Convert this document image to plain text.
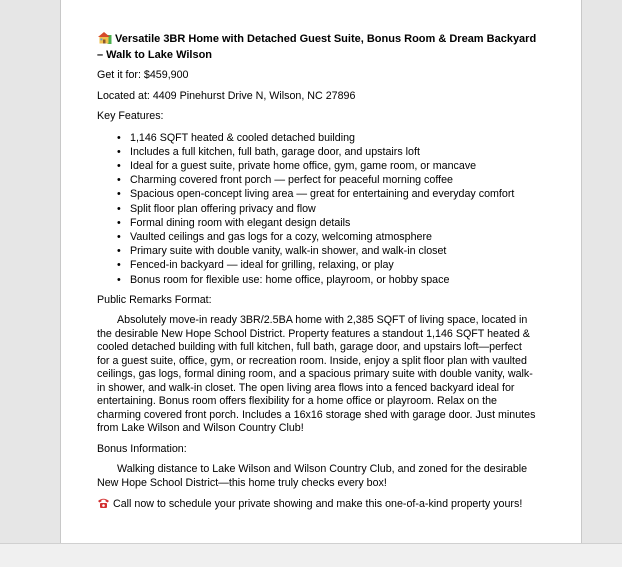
Versatile 3BR Home with Detached Guest Suite, Bonus Room & Dream Backyard – Walk to Lake Wilson

Get it for: $459,900

Located at: 4409 Pinehurst Drive N, Wilson, NC 27896

Key Features:

• 1,146 SQFT heated & cooled detached building
• Includes a full kitchen, full bath, garage door, and upstairs loft
• Ideal for a guest suite, private home office, gym, game room, or mancave
• Charming covered front porch — perfect for peaceful morning coffee
• Spacious open-concept living area — great for entertaining and everyday comfort
• Split floor plan offering privacy and flow
• Formal dining room with elegant design details
• Vaulted ceilings and gas logs for a cozy, welcoming atmosphere
• Primary suite with double vanity, walk-in shower, and walk-in closet
• Fenced-in backyard — ideal for grilling, relaxing, or play
• Bonus room for flexible use: home office, playroom, or hobby space

Public Remarks Format:

Absolutely move-in ready 3BR/2.5BA home with 2,385 SQFT of living space, located in the desirable New Hope School District. Property features a standout 1,146 SQFT heated & cooled detached building with full kitchen, full bath, garage door, and upstairs loft—perfect for a guest suite, office, gym, or recreation room. Inside, enjoy a split floor plan with vaulted ceilings, gas logs, formal dining room, and a spacious primary suite with double vanity, walk-in shower, and walk-in closet. The open living area flows into a fenced backyard ideal for entertaining. Bonus room offers flexibility for a home office or playroom. Relax on the charming covered front porch. Includes a 16x16 storage shed with garage door. Just minutes from Lake Wilson and Wilson Country Club!

Bonus Information:

Walking distance to Lake Wilson and Wilson Country Club, and zoned for the desirable New Hope School District—this home truly checks every box!

Call now to schedule your private showing and make this one-of-a-kind property yours!
